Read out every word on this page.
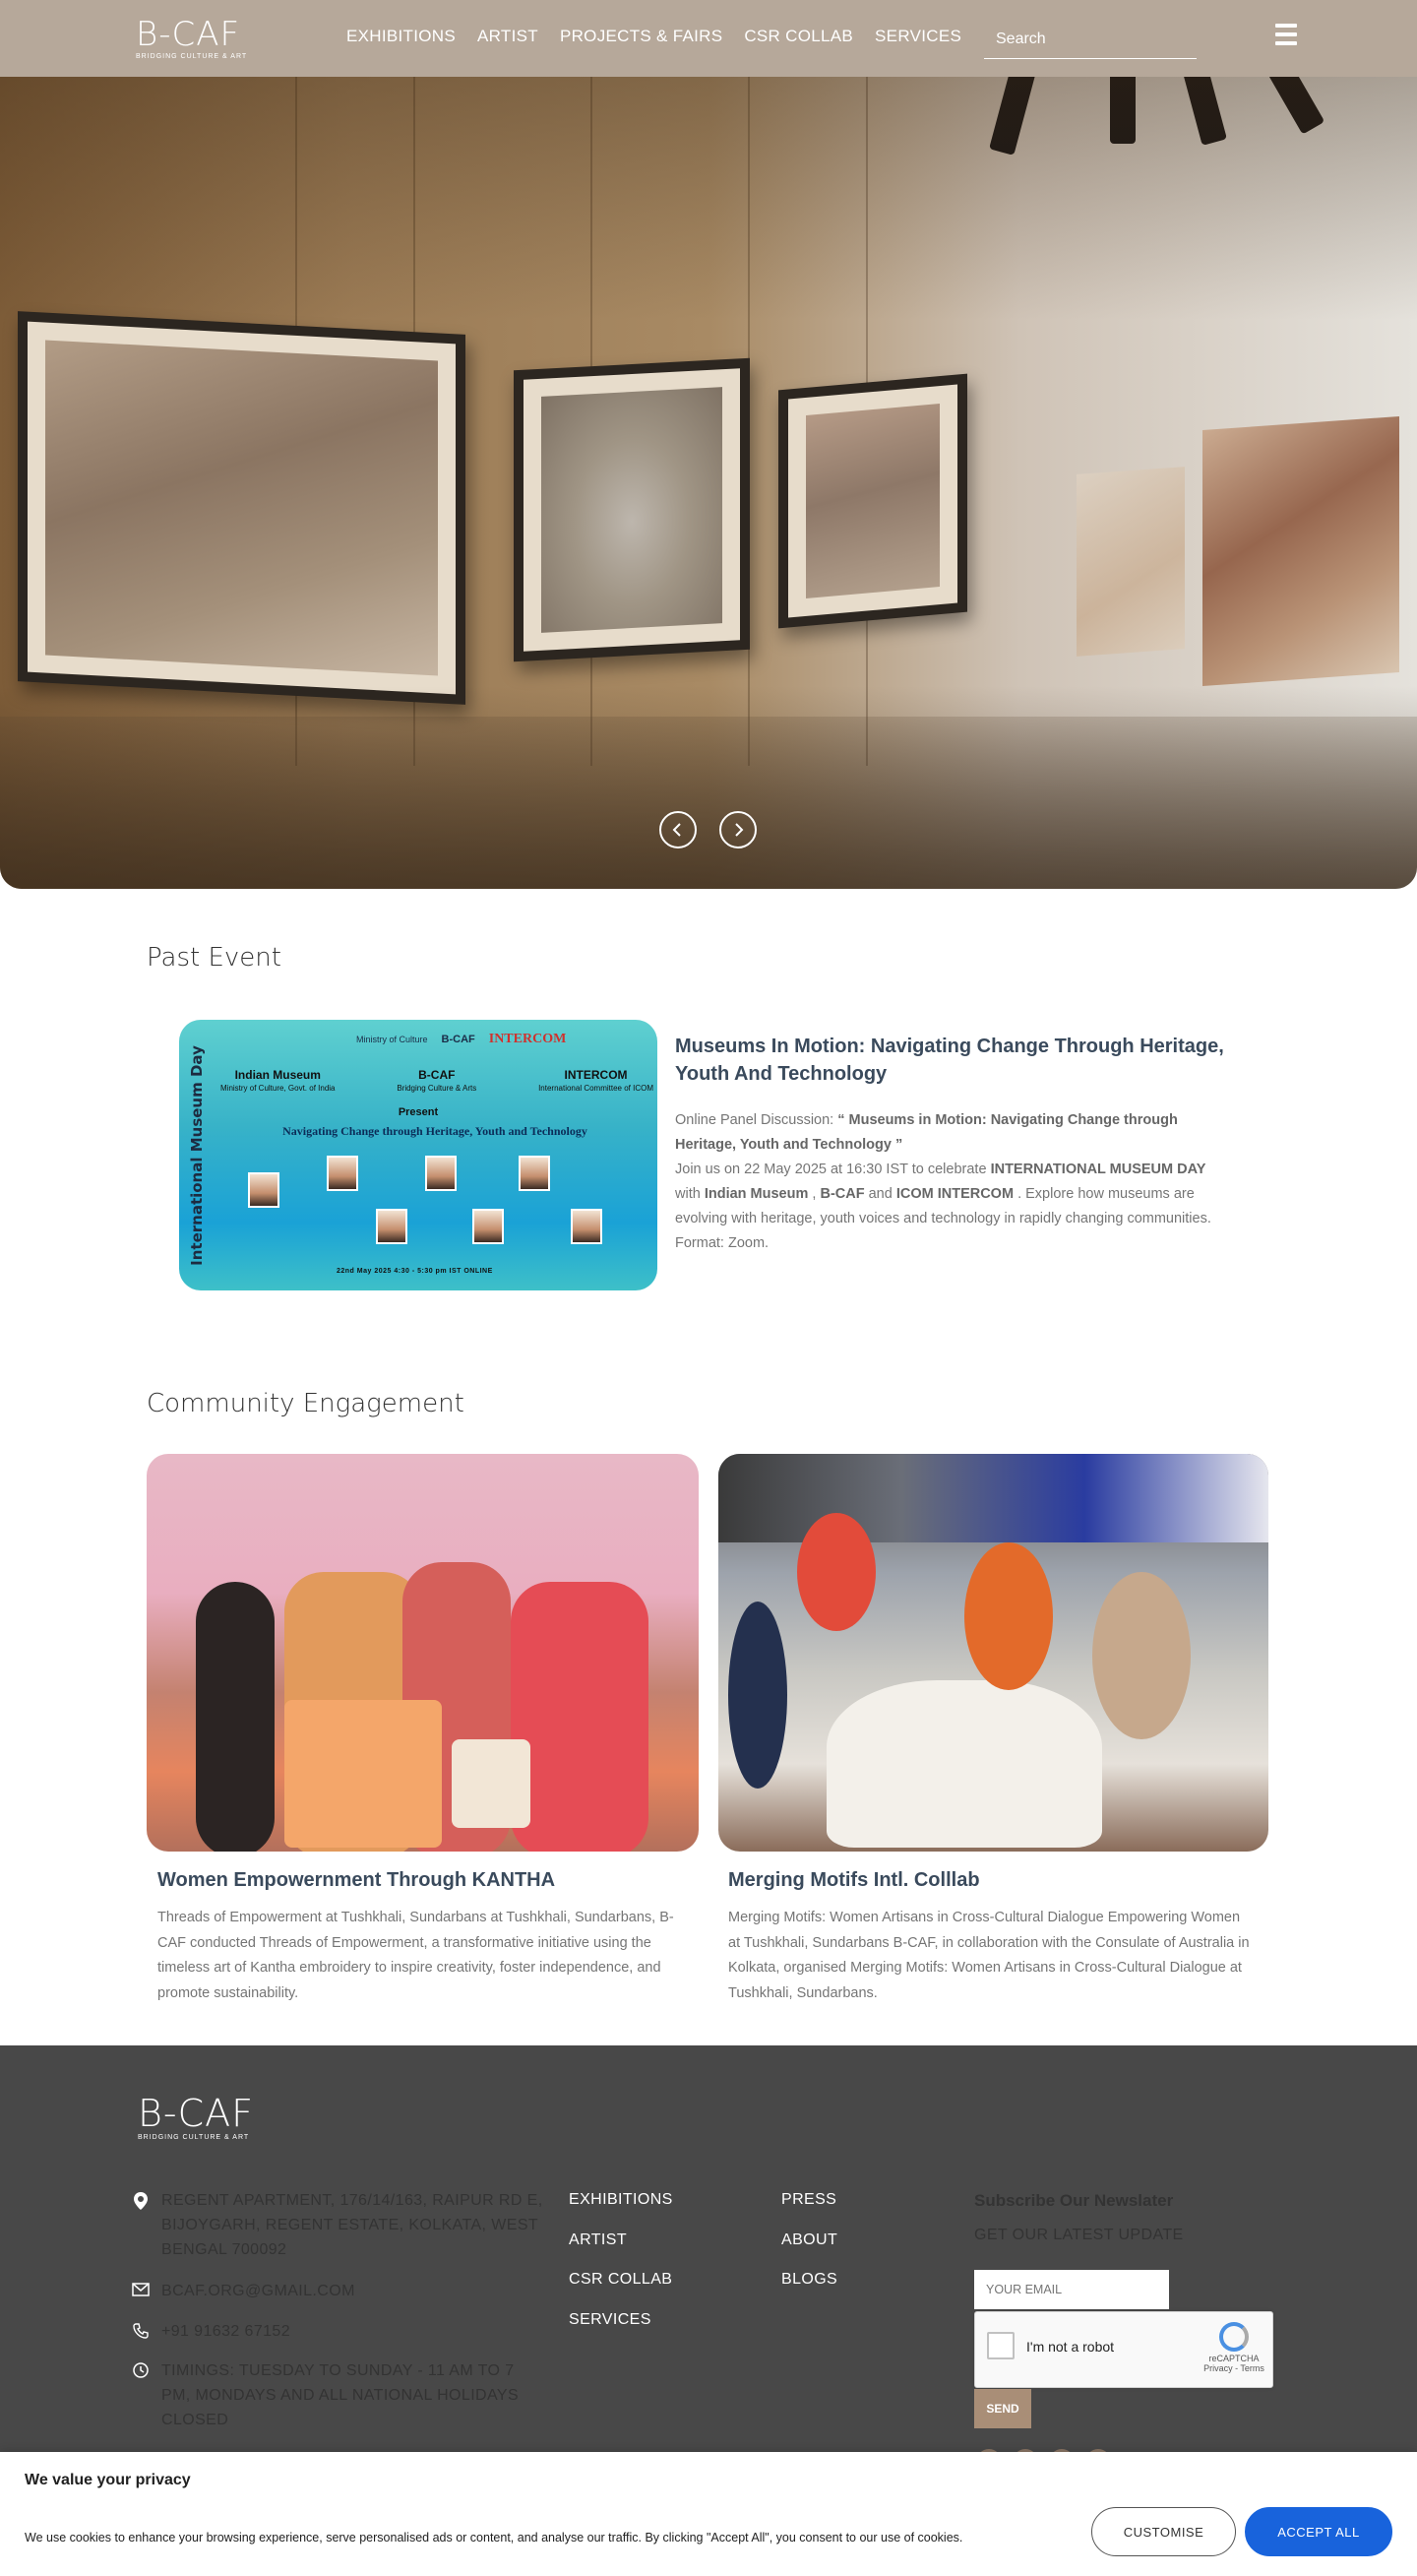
B-CAF
BRIDGING CULTURE & ART
EXHIBITIONS ARTIST PROJECTS & FAIRS CSR COLLAB SERVICES
Search
Past Event
International Museum Day
Ministry of Culture B-CAF INTERCOM
Indian Museum
Ministry of Culture, Govt. of India
B-CAF
Bridging Culture & Arts
INTERCOM
International Committee of ICOM
Present
Navigating Change through Heritage, Youth and Technology
22nd May 2025 4:30 - 5:30 pm IST ONLINE
Museums In Motion: Navigating Change Through Heritage, Youth And Technology

Online Panel Discussion: “ Museums in Motion: Navigating Change through Heritage, Youth and Technology ”
Join us on 22 May 2025 at 16:30 IST to celebrate INTERNATIONAL MUSEUM DAY with Indian Museum , B-CAF and ICOM INTERCOM . Explore how museums are evolving with heritage, youth voices and technology in rapidly changing communities. Format: Zoom.

Community Engagement
Women Empowernment Through KANTHA

Threads of Empowerment at Tushkhali, Sundarbans at Tushkhali, Sundarbans, B-CAF conducted Threads of Empowerment, a transformative initiative using the timeless art of Kantha embroidery to inspire creativity, foster independence, and promote sustainability.

Merging Motifs Intl. Colllab

Merging Motifs: Women Artisans in Cross-Cultural Dialogue Empowering Women at Tushkhali, Sundarbans B-CAF, in collaboration with the Consulate of Australia in Kolkata, organised Merging Motifs: Women Artisans in Cross-Cultural Dialogue at Tushkhali, Sundarbans.

B-CAF
BRIDGING CULTURE & ART
REGENT APARTMENT, 176/14/163, RAIPUR RD E, BIJOYGARH, REGENT ESTATE, KOLKATA, WEST BENGAL 700092
BCAF.ORG@GMAIL.COM
+91 91632 67152
TIMINGS: TUESDAY TO SUNDAY - 11 AM TO 7 PM, MONDAYS AND ALL NATIONAL HOLIDAYS CLOSED
EXHIBITIONS
ARTIST
CSR COLLAB
SERVICES
PRESS
ABOUT
BLOGS
Subscribe Our Newslater
GET OUR LATEST UPDATE
YOUR EMAIL
I'm not a robot
reCAPTCHA
Privacy - Terms
SEND
We value your privacy
We use cookies to enhance your browsing experience, serve personalised ads or content, and analyse our traffic. By clicking "Accept All", you consent to our use of cookies.	CUSTOMISE	ACCEPT ALL
